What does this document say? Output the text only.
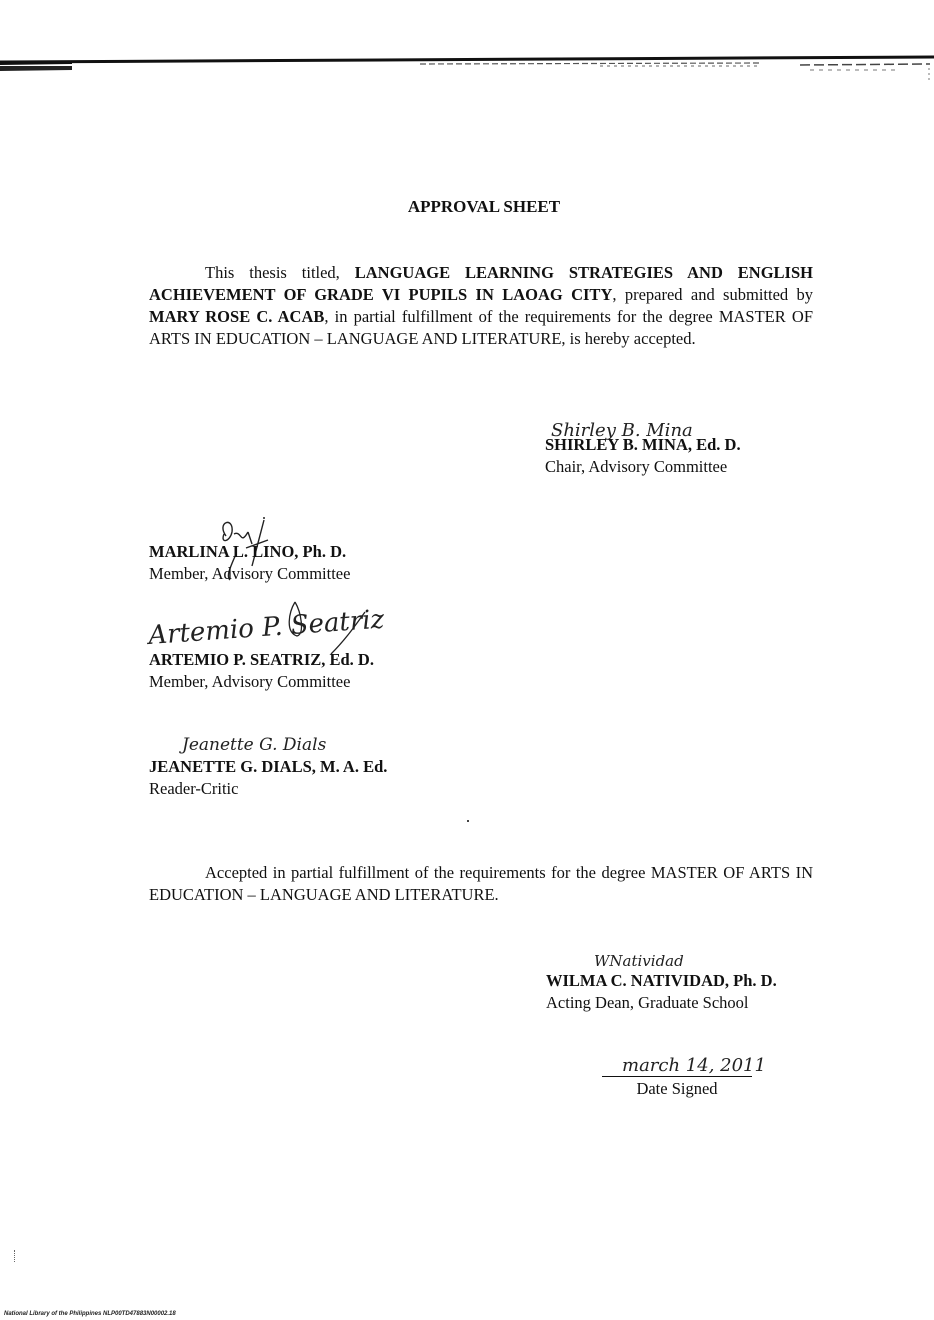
APPROVAL SHEET
This thesis titled, LANGUAGE LEARNING STRATEGIES AND ENGLISH ACHIEVEMENT OF GRADE VI PUPILS IN LAOAG CITY, prepared and submitted by MARY ROSE C. ACAB, in partial fulfillment of the requirements for the degree MASTER OF ARTS IN EDUCATION – LANGUAGE AND LITERATURE, is hereby accepted.
Shirley B. Mina
SHIRLEY B. MINA, Ed. D.
Chair, Advisory Committee
MARLINA L. LINO, Ph. D.
Member, Advisory Committee
Artemio P. Seatriz
ARTEMIO P. SEATRIZ, Ed. D.
Member, Advisory Committee
Jeanette G. Dials
JEANETTE G. DIALS, M. A. Ed.
Reader-Critic
Accepted in partial fulfillment of the requirements for the degree MASTER OF ARTS IN EDUCATION – LANGUAGE AND LITERATURE.
WNatividad
WILMA C. NATIVIDAD, Ph. D.
Acting Dean, Graduate School
march 14, 2011
Date Signed
National Library of the Philippines NLP00TD47883N00002.18
